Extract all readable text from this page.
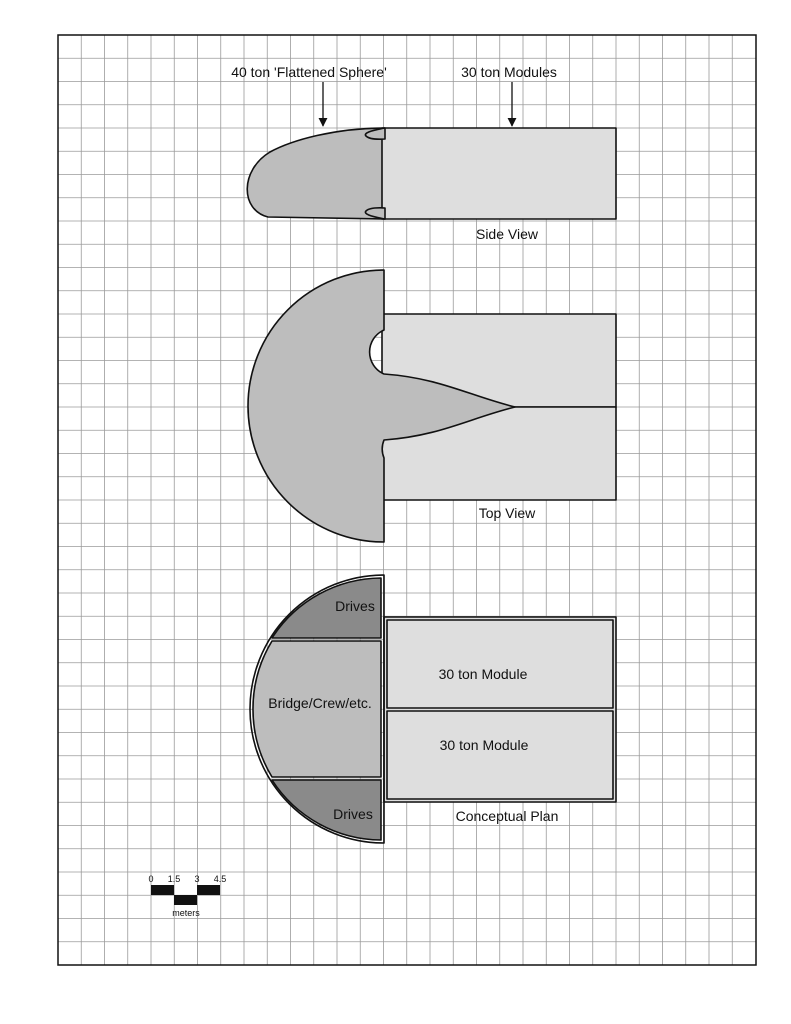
40 ton 'Flattened Sphere'	30 ton Modules
Side View
Top View
Drives
Bridge/Crew/etc.
Drives
30 ton Module
30 ton Module
Conceptual Plan
0 1.5 3 4.5
meters
